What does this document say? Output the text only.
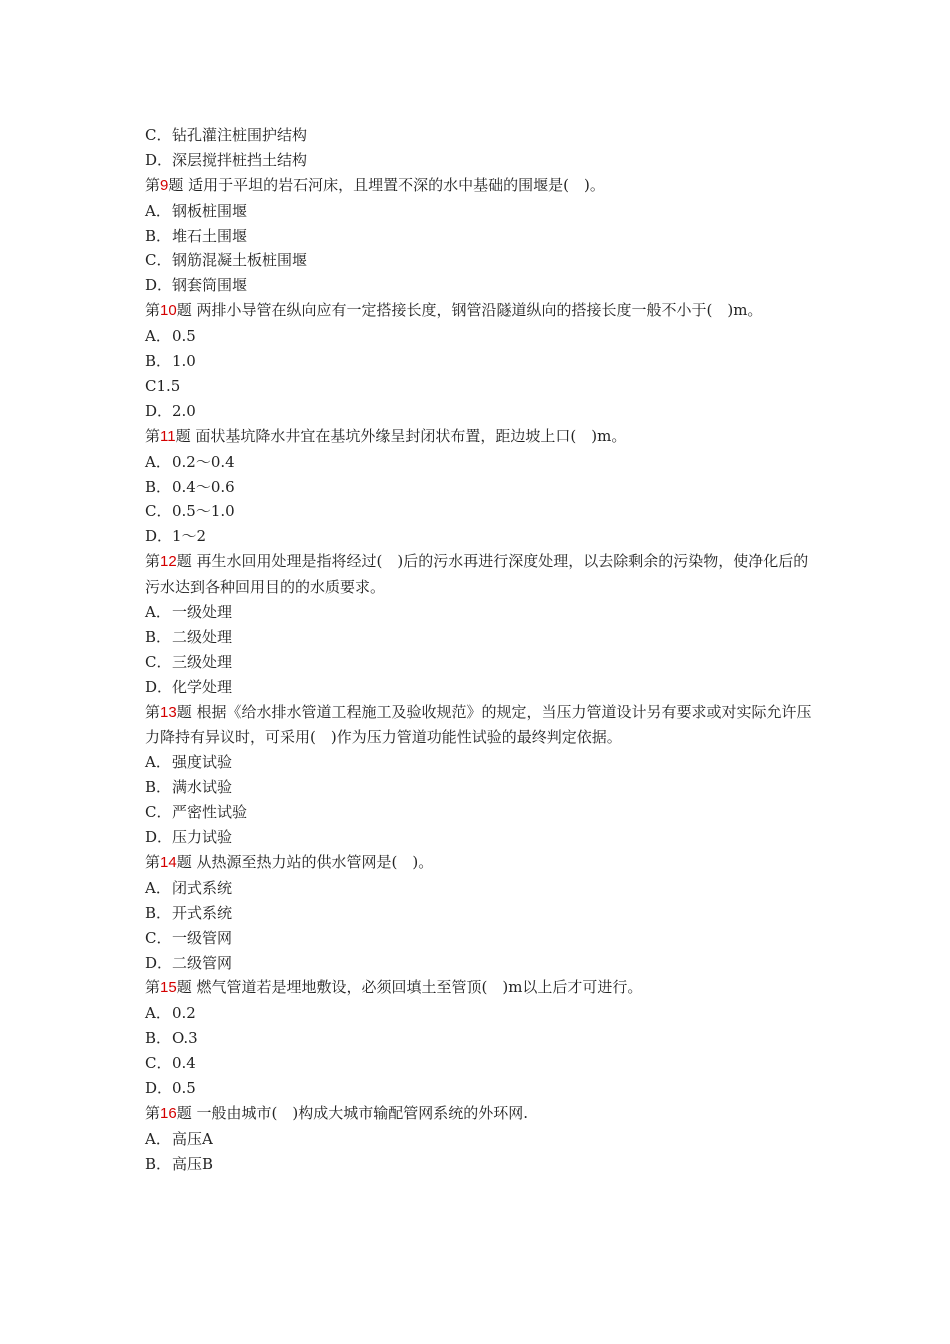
C．钻孔灌注桩围护结构
D．深层搅拌桩挡土结构
第9题 适用于平坦的岩石河床，且埋置不深的水中基础的围堰是(　)。
A．钢板桩围堰
B．堆石土围堰
C．钢筋混凝土板桩围堰
D．钢套筒围堰
第10题 两排小导管在纵向应有一定搭接长度，钢管沿隧道纵向的搭接长度一般不小于(　)m。
A．0.5
B．1.0
C1.5
D．2.0
第11题 面状基坑降水井宜在基坑外缘呈封闭状布置，距边坡上口(　)m。
A．0.2～0.4
B．0.4～0.6
C．0.5～1.0
D．1～2
第12题 再生水回用处理是指将经过(　)后的污水再进行深度处理，以去除剩余的污染物，使净化后的污水达到各种回用目的的水质要求。
A．一级处理
B．二级处理
C．三级处理
D．化学处理
第13题 根据《给水排水管道工程施工及验收规范》的规定，当压力管道设计另有要求或对实际允许压力降持有异议时，可采用(　)作为压力管道功能性试验的最终判定依据。
A．强度试验
B．满水试验
C．严密性试验
D．压力试验
第14题 从热源至热力站的供水管网是(　)。
A．闭式系统
B．开式系统
C．一级管网
D．二级管网
第15题 燃气管道若是埋地敷设，必须回填土至管顶(　)m以上后才可进行。
A．0.2
B．O.3
C．0.4
D．0.5
第16题 一般由城市(　)构成大城市输配管网系统的外环网.
A．高压A
B．高压B
